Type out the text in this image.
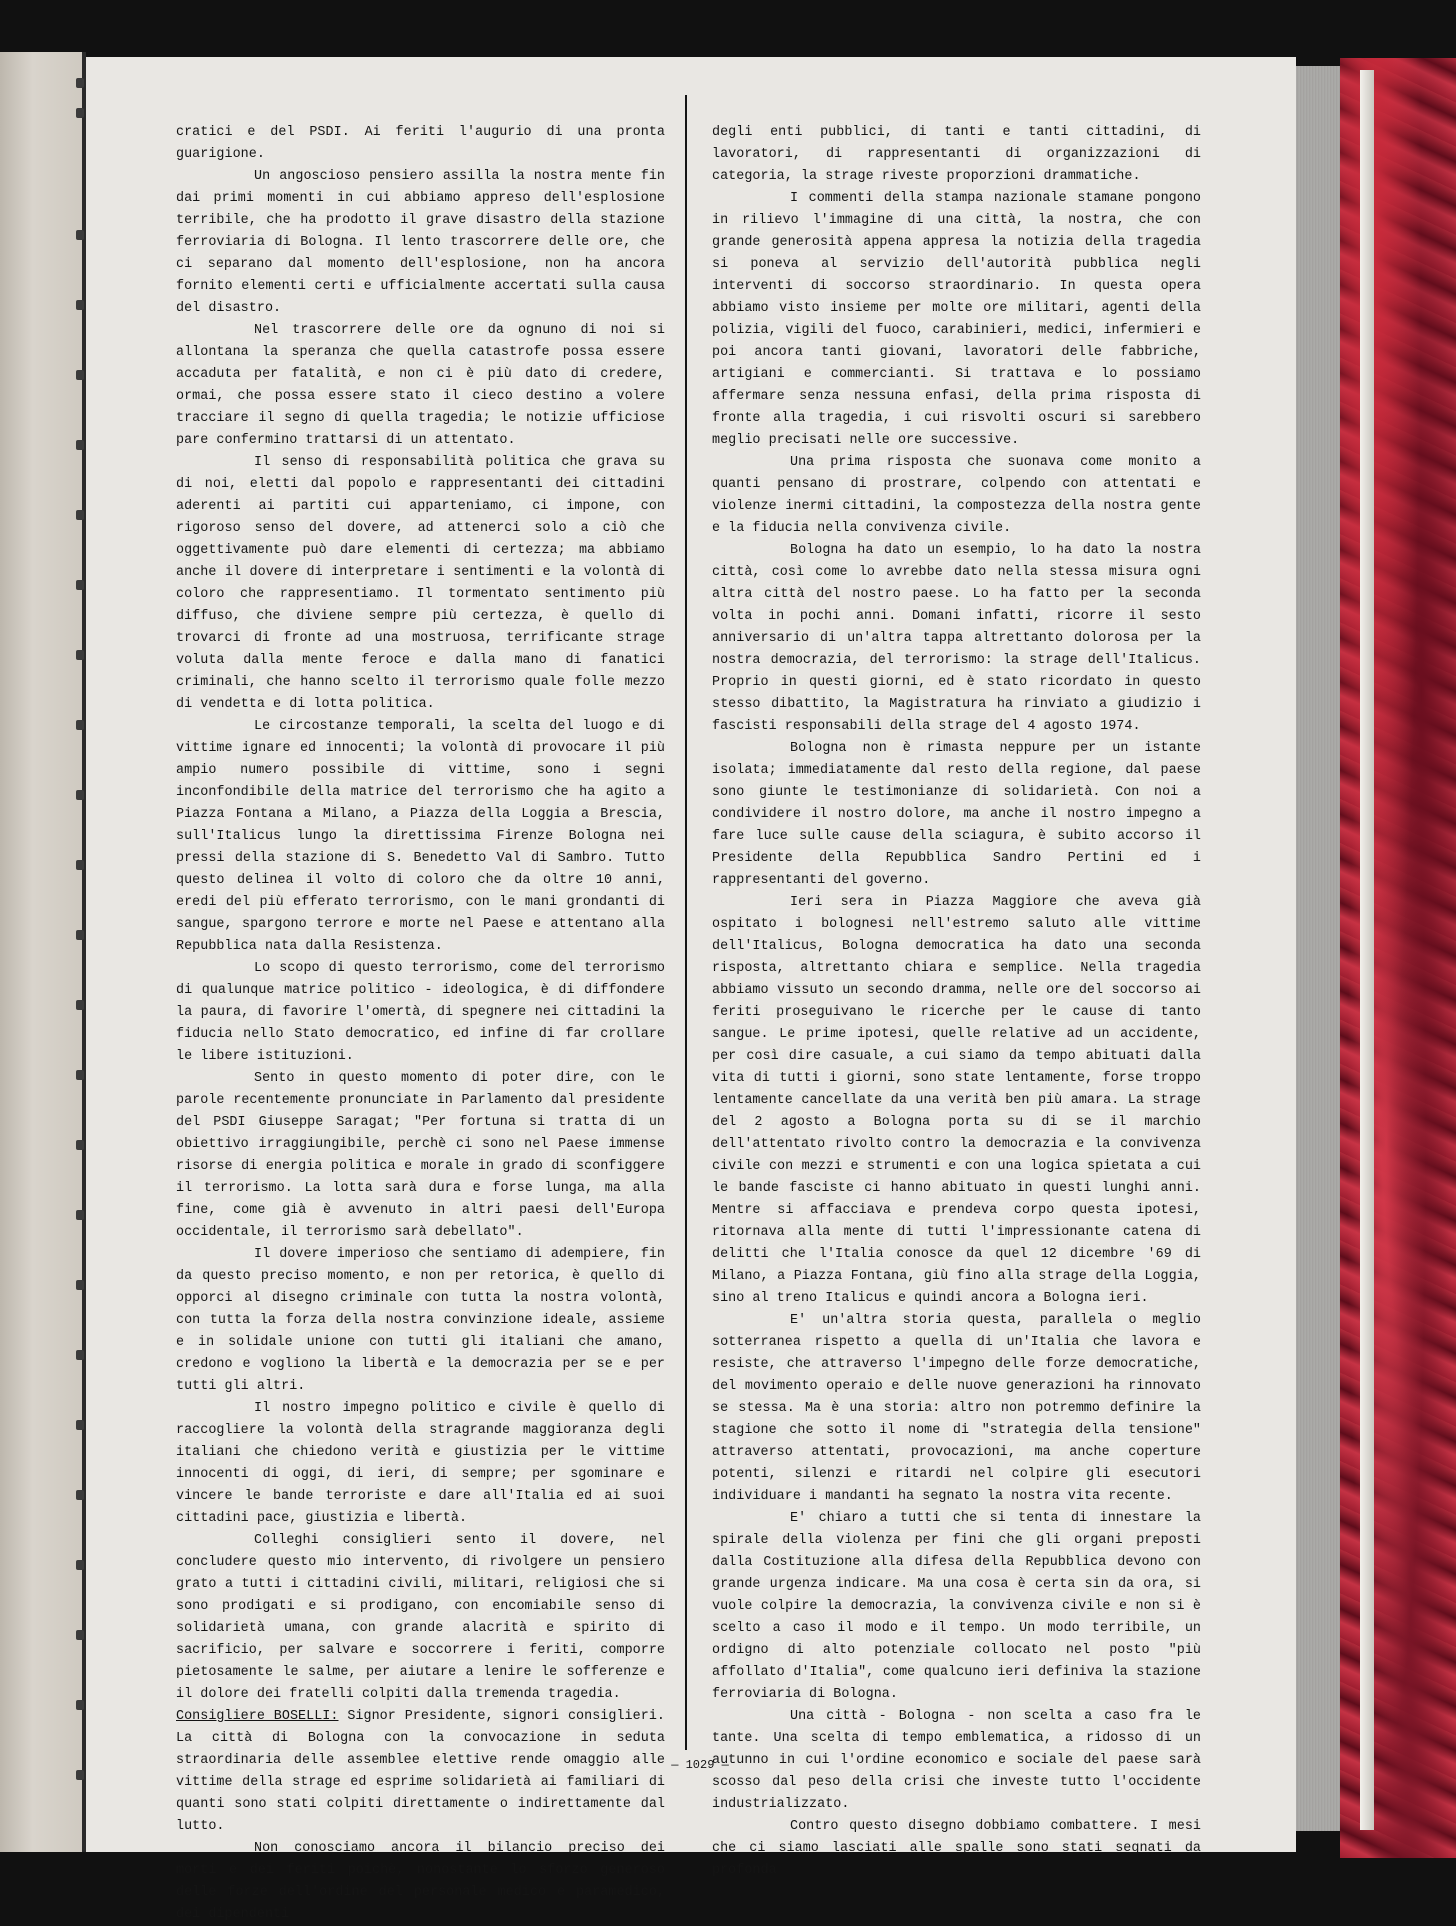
cratici e del PSDI. Ai feriti l'augurio di una pronta guarigione.

Un angoscioso pensiero assilla la nostra mente fin dai primi momenti in cui abbiamo appreso dell'esplosione terribile, che ha prodotto il grave disastro della stazione ferroviaria di Bologna. Il lento trascorrere delle ore, che ci separano dal momento dell'esplosione, non ha ancora fornito elementi certi e ufficialmente accertati sulla causa del disastro.

Nel trascorrere delle ore da ognuno di noi si allontana la speranza che quella catastrofe possa essere accaduta per fatalità, e non ci è più dato di credere, ormai, che possa essere stato il cieco destino a volere tracciare il segno di quella tragedia; le notizie ufficiose pare confermino trattarsi di un attentato.

Il senso di responsabilità politica che grava su di noi, eletti dal popolo e rappresentanti dei cittadini aderenti ai partiti cui apparteniamo, ci impone, con rigoroso senso del dovere, ad attenerci solo a ciò che oggettivamente può dare elementi di certezza; ma abbiamo anche il dovere di interpretare i sentimenti e la volontà di coloro che rappresentiamo. Il tormentato sentimento più diffuso, che diviene sempre più certezza, è quello di trovarci di fronte ad una mostruosa, terrificante strage voluta dalla mente feroce e dalla mano di fanatici criminali, che hanno scelto il terrorismo quale folle mezzo di vendetta e di lotta politica.

Le circostanze temporali, la scelta del luogo e di vittime ignare ed innocenti; la volontà di provocare il più ampio numero possibile di vittime, sono i segni inconfondibile della matrice del terrorismo che ha agito a Piazza Fontana a Milano, a Piazza della Loggia a Brescia, sull'Italicus lungo la direttissima Firenze Bologna nei pressi della stazione di S. Benedetto Val di Sambro. Tutto questo delinea il volto di coloro che da oltre 10 anni, eredi del più efferato terrorismo, con le mani grondanti di sangue, spargono terrore e morte nel Paese e attentano alla Repubblica nata dalla Resistenza.

Lo scopo di questo terrorismo, come del terrorismo di qualunque matrice politico - ideologica, è di diffondere la paura, di favorire l'omertà, di spegnere nei cittadini la fiducia nello Stato democratico, ed infine di far crollare le libere istituzioni.

Sento in questo momento di poter dire, con le parole recentemente pronunciate in Parlamento dal presidente del PSDI Giuseppe Saragat; "Per fortuna si tratta di un obiettivo irraggiungibile, perchè ci sono nel Paese immense risorse di energia politica e morale in grado di sconfiggere il terrorismo. La lotta sarà dura e forse lunga, ma alla fine, come già è avvenuto in altri paesi dell'Europa occidentale, il terrorismo sarà debellato".

Il dovere imperioso che sentiamo di adempiere, fin da questo preciso momento, e non per retorica, è quello di opporci al disegno criminale con tutta la nostra volontà, con tutta la forza della nostra convinzione ideale, assieme e in solidale unione con tutti gli italiani che amano, credono e vogliono la libertà e la democrazia per se e per tutti gli altri.

Il nostro impegno politico e civile è quello di raccogliere la volontà della stragrande maggioranza degli italiani che chiedono verità e giustizia per le vittime innocenti di oggi, di ieri, di sempre; per sgominare e vincere le bande terroriste e dare all'Italia ed ai suoi cittadini pace, giustizia e libertà.

Colleghi consiglieri sento il dovere, nel concludere questo mio intervento, di rivolgere un pensiero grato a tutti i cittadini civili, militari, religiosi che si sono prodigati e si prodigano, con encomiabile senso di solidarietà umana, con grande alacrità e spirito di sacrificio, per salvare e soccorrere i feriti, comporre pietosamente le salme, per aiutare a lenire le sofferenze e il dolore dei fratelli colpiti dalla tremenda tragedia.

Consigliere BOSELLI: Signor Presidente, signori consiglieri. La città di Bologna con la convocazione in seduta straordinaria delle assemblee elettive rende omaggio alle vittime della strage ed esprime solidarietà ai familiari di quanti sono stati colpiti direttamente o indirettamente dal lutto.

Non conosciamo ancora il bilancio preciso dei morti e dei feriti poichè, nonostante lo sforzo generoso delle forze dell'ordine del personale medico e paramedico, dei dipendenti

degli enti pubblici, di tanti e tanti cittadini, di lavoratori, di rappresentanti di organizzazioni di categoria, la strage riveste proporzioni drammatiche.

I commenti della stampa nazionale stamane pongono in rilievo l'immagine di una città, la nostra, che con grande generosità appena appresa la notizia della tragedia si poneva al servizio dell'autorità pubblica negli interventi di soccorso straordinario. In questa opera abbiamo visto insieme per molte ore militari, agenti della polizia, vigili del fuoco, carabinieri, medici, infermieri e poi ancora tanti giovani, lavoratori delle fabbriche, artigiani e commercianti. Si trattava e lo possiamo affermare senza nessuna enfasi, della prima risposta di fronte alla tragedia, i cui risvolti oscuri si sarebbero meglio precisati nelle ore successive.

Una prima risposta che suonava come monito a quanti pensano di prostrare, colpendo con attentati e violenze inermi cittadini, la compostezza della nostra gente e la fiducia nella convivenza civile.

Bologna ha dato un esempio, lo ha dato la nostra città, così come lo avrebbe dato nella stessa misura ogni altra città del nostro paese. Lo ha fatto per la seconda volta in pochi anni. Domani infatti, ricorre il sesto anniversario di un'altra tappa altrettanto dolorosa per la nostra democrazia, del terrorismo: la strage dell'Italicus. Proprio in questi giorni, ed è stato ricordato in questo stesso dibattito, la Magistratura ha rinviato a giudizio i fascisti responsabili della strage del 4 agosto 1974.

Bologna non è rimasta neppure per un istante isolata; immediatamente dal resto della regione, dal paese sono giunte le testimonianze di solidarietà. Con noi a condividere il nostro dolore, ma anche il nostro impegno a fare luce sulle cause della sciagura, è subito accorso il Presidente della Repubblica Sandro Pertini ed i rappresentanti del governo.

Ieri sera in Piazza Maggiore che aveva già ospitato i bolognesi nell'estremo saluto alle vittime dell'Italicus, Bologna democratica ha dato una seconda risposta, altrettanto chiara e semplice. Nella tragedia abbiamo vissuto un secondo dramma, nelle ore del soccorso ai feriti proseguivano le ricerche per le cause di tanto sangue. Le prime ipotesi, quelle relative ad un accidente, per così dire casuale, a cui siamo da tempo abituati dalla vita di tutti i giorni, sono state lentamente, forse troppo lentamente cancellate da una verità ben più amara. La strage del 2 agosto a Bologna porta su di se il marchio dell'attentato rivolto contro la democrazia e la convivenza civile con mezzi e strumenti e con una logica spietata a cui le bande fasciste ci hanno abituato in questi lunghi anni. Mentre si affacciava e prendeva corpo questa ipotesi, ritornava alla mente di tutti l'impressionante catena di delitti che l'Italia conosce da quel 12 dicembre '69 di Milano, a Piazza Fontana, giù fino alla strage della Loggia, sino al treno Italicus e quindi ancora a Bologna ieri.

E' un'altra storia questa, parallela o meglio sotterranea rispetto a quella di un'Italia che lavora e resiste, che attraverso l'impegno delle forze democratiche, del movimento operaio e delle nuove generazioni ha rinnovato se stessa. Ma è una storia: altro non potremmo definire la stagione che sotto il nome di "strategia della tensione" attraverso attentati, provocazioni, ma anche coperture potenti, silenzi e ritardi nel colpire gli esecutori individuare i mandanti ha segnato la nostra vita recente.

E' chiaro a tutti che si tenta di innestare la spirale della violenza per fini che gli organi preposti dalla Costituzione alla difesa della Repubblica devono con grande urgenza indicare. Ma una cosa è certa sin da ora, si vuole colpire la democrazia, la convivenza civile e non si è scelto a caso il modo e il tempo. Un modo terribile, un ordigno di alto potenziale collocato nel posto "più affollato d'Italia", come qualcuno ieri definiva la stazione ferroviaria di Bologna.

Una città - Bologna - non scelta a caso fra le tante. Una scelta di tempo emblematica, a ridosso di un autunno in cui l'ordine economico e sociale del paese sarà scosso dal peso della crisi che investe tutto l'occidente industrializzato.

Contro questo disegno dobbiamo combattere. I mesi che ci siamo lasciati alle spalle sono stati segnati da profonda

— 1029 —
